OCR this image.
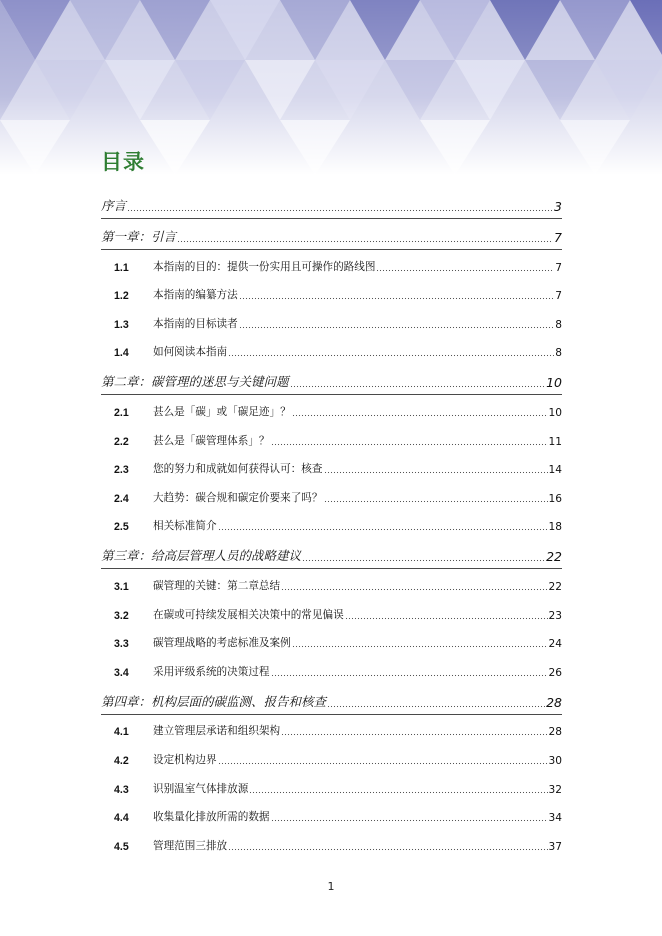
目录
序言	3
第一章：引言	7
1.1	本指南的目的：提供一份实用且可操作的路线图	7
1.2	本指南的编纂方法	7
1.3	本指南的目标读者	8
1.4	如何阅读本指南	8
第二章：碳管理的迷思与关键问题	10
2.1	甚么是「碳」或「碳足迹」？	10
2.2	甚么是「碳管理体系」？	11
2.3	您的努力和成就如何获得认可：核查	14
2.4	大趋势：碳合规和碳定价要来了吗？	16
2.5	相关标准简介	18
第三章：给高层管理人员的战略建议	22
3.1	碳管理的关键：第二章总结	22
3.2	在碳或可持续发展相关决策中的常见偏误	23
3.3	碳管理战略的考虑标准及案例	24
3.4	采用评级系统的决策过程	26
第四章：机构层面的碳监测、报告和核查	28
4.1	建立管理层承诺和组织架构	28
4.2	设定机构边界	30
4.3	识别温室气体排放源	32
4.4	收集量化排放所需的数据	34
4.5	管理范围三排放	37
1
